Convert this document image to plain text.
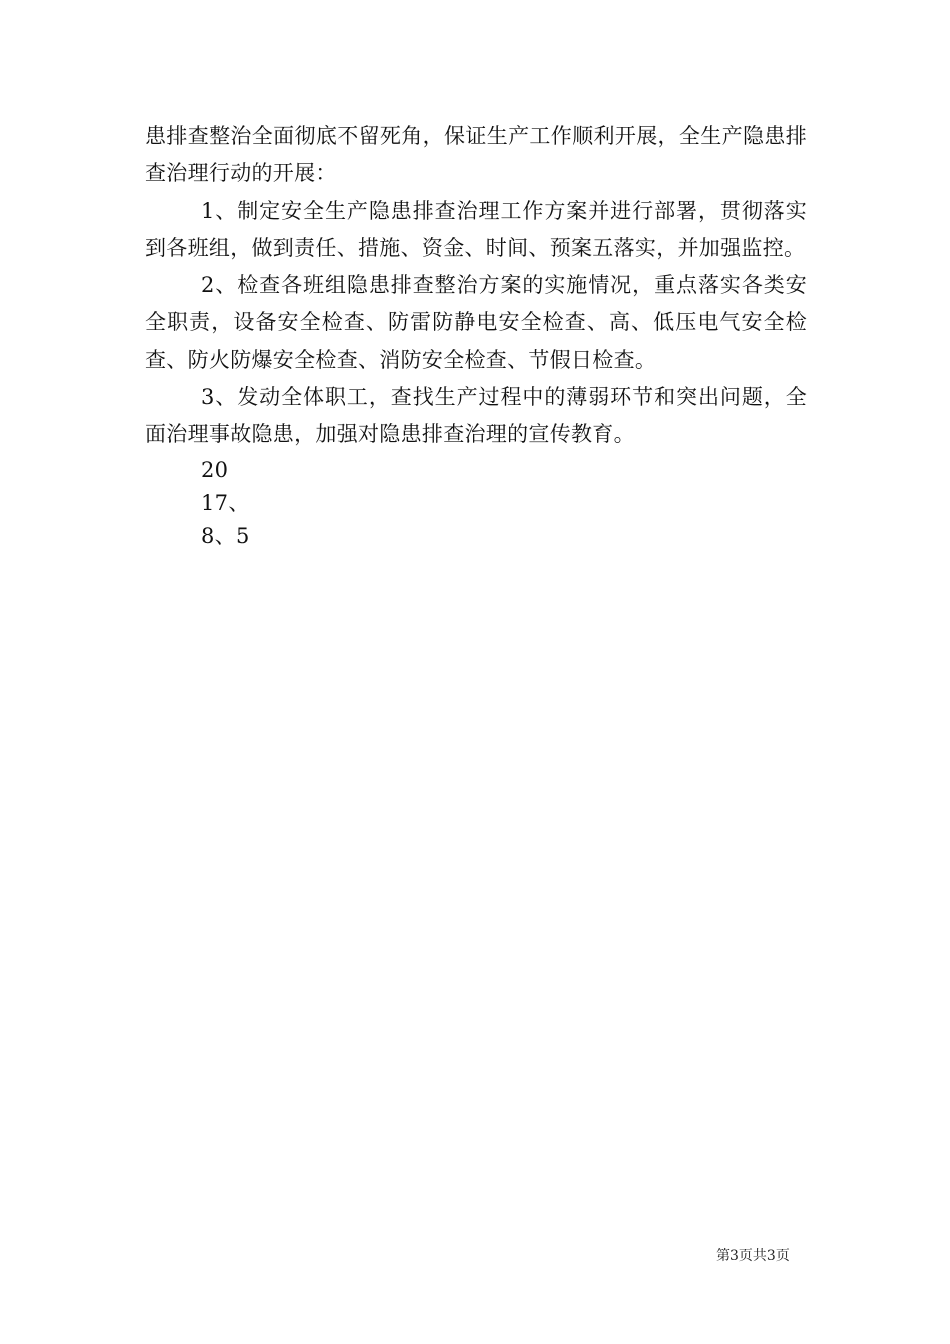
患排查整治全面彻底不留死角，保证生产工作顺利开展，全生产隐患排查治理行动的开展：

1、制定安全生产隐患排查治理工作方案并进行部署，贯彻落实到各班组，做到责任、措施、资金、时间、预案五落实，并加强监控。

2、检查各班组隐患排查整治方案的实施情况，重点落实各类安全职责，设备安全检查、防雷防静电安全检查、高、低压电气安全检查、防火防爆安全检查、消防安全检查、节假日检查。

3、发动全体职工，查找生产过程中的薄弱环节和突出问题，全面治理事故隐患，加强对隐患排查治理的宣传教育。

20

17、

8、5

第3页共3页
